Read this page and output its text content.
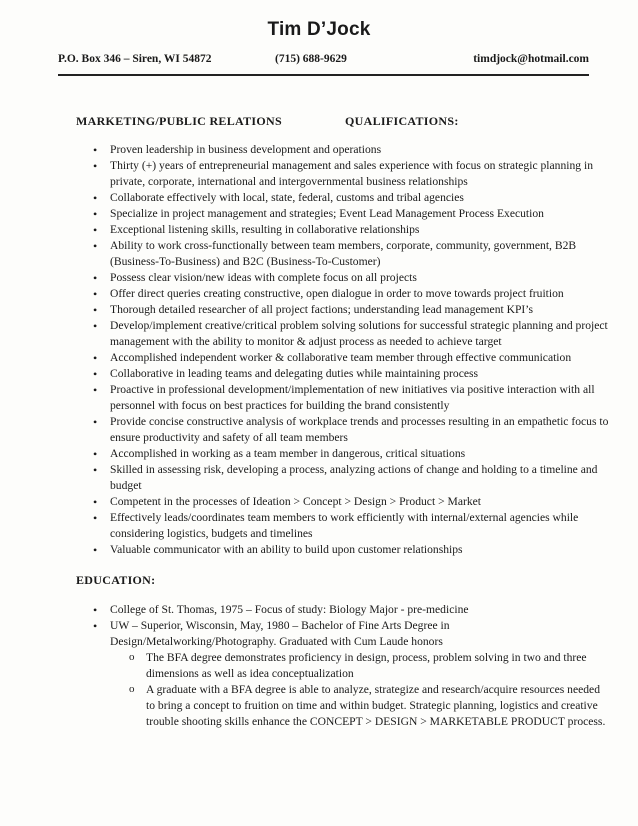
Tim D’Jock
P.O. Box 346 – Siren, WI 54872	(715) 688-9629	timdjock@hotmail.com
MARKETING/PUBLIC RELATIONS	QUALIFICATIONS:
• Proven leadership in business development and operations
• Thirty (+) years of entrepreneurial management and sales experience with focus on strategic planning in private, corporate, international and intergovernmental business relationships
• Collaborate effectively with local, state, federal, customs and tribal agencies
• Specialize in project management and strategies; Event Lead Management Process Execution
• Exceptional listening skills, resulting in collaborative relationships
• Ability to work cross-functionally between team members, corporate, community, government, B2B (Business-To-Business) and B2C (Business-To-Customer)
• Possess clear vision/new ideas with complete focus on all projects
• Offer direct queries creating constructive, open dialogue in order to move towards project fruition
• Thorough detailed researcher of all project factions; understanding lead management KPI’s
• Develop/implement creative/critical problem solving solutions for successful strategic planning and project management with the ability to monitor & adjust process as needed to achieve target
• Accomplished independent worker & collaborative team member through effective communication
• Collaborative in leading teams and delegating duties while maintaining process
• Proactive in professional development/implementation of new initiatives via positive interaction with all personnel with focus on best practices for building the brand consistently
• Provide concise constructive analysis of workplace trends and processes resulting in an empathetic focus to ensure productivity and safety of all team members
• Accomplished in working as a team member in dangerous, critical situations
• Skilled in assessing risk, developing a process, analyzing actions of change and holding to a timeline and budget
• Competent in the processes of Ideation > Concept > Design > Product > Market
• Effectively leads/coordinates team members to work efficiently with internal/external agencies while considering logistics, budgets and timelines
• Valuable communicator with an ability to build upon customer relationships
EDUCATION:
• College of St. Thomas, 1975 – Focus of study: Biology Major - pre-medicine
• UW – Superior, Wisconsin, May, 1980 – Bachelor of Fine Arts Degree in Design/Metalworking/Photography. Graduated with Cum Laude honors
o The BFA degree demonstrates proficiency in design, process, problem solving in two and three dimensions as well as idea conceptualization
o A graduate with a BFA degree is able to analyze, strategize and research/acquire resources needed to bring a concept to fruition on time and within budget. Strategic planning, logistics and creative trouble shooting skills enhance the CONCEPT > DESIGN > MARKETABLE PRODUCT process.
